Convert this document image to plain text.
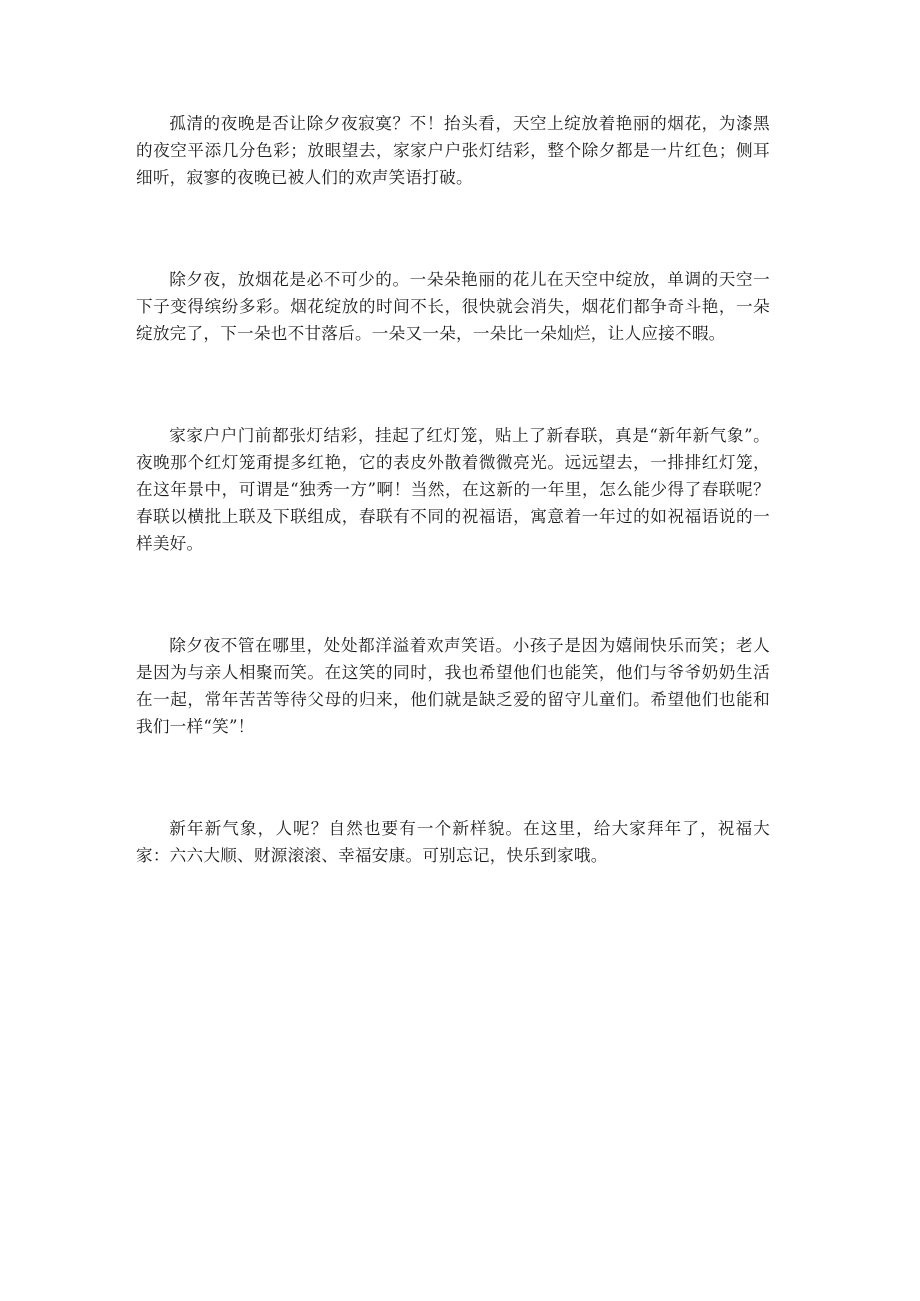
孤清的夜晚是否让除夕夜寂寞？不！抬头看，天空上绽放着艳丽的烟花，为漆黑的夜空平添几分色彩；放眼望去，家家户户张灯结彩，整个除夕都是一片红色；侧耳细听，寂寥的夜晚已被人们的欢声笑语打破。

除夕夜，放烟花是必不可少的。一朵朵艳丽的花儿在天空中绽放，单调的天空一下子变得缤纷多彩。烟花绽放的时间不长，很快就会消失，烟花们都争奇斗艳，一朵绽放完了，下一朵也不甘落后。一朵又一朵，一朵比一朵灿烂，让人应接不暇。

家家户户门前都张灯结彩，挂起了红灯笼，贴上了新春联，真是“新年新气象”。夜晚那个红灯笼甭提多红艳，它的表皮外散着微微亮光。远远望去，一排排红灯笼，在这年景中，可谓是“独秀一方”啊！当然，在这新的一年里，怎么能少得了春联呢？春联以横批上联及下联组成，春联有不同的祝福语，寓意着一年过的如祝福语说的一样美好。

除夕夜不管在哪里，处处都洋溢着欢声笑语。小孩子是因为嬉闹快乐而笑；老人是因为与亲人相聚而笑。在这笑的同时，我也希望他们也能笑，他们与爷爷奶奶生活在一起，常年苦苦等待父母的归来，他们就是缺乏爱的留守儿童们。希望他们也能和我们一样“笑”！

新年新气象，人呢？自然也要有一个新样貌。在这里，给大家拜年了，祝福大家：六六大顺、财源滚滚、幸福安康。可别忘记，快乐到家哦。
